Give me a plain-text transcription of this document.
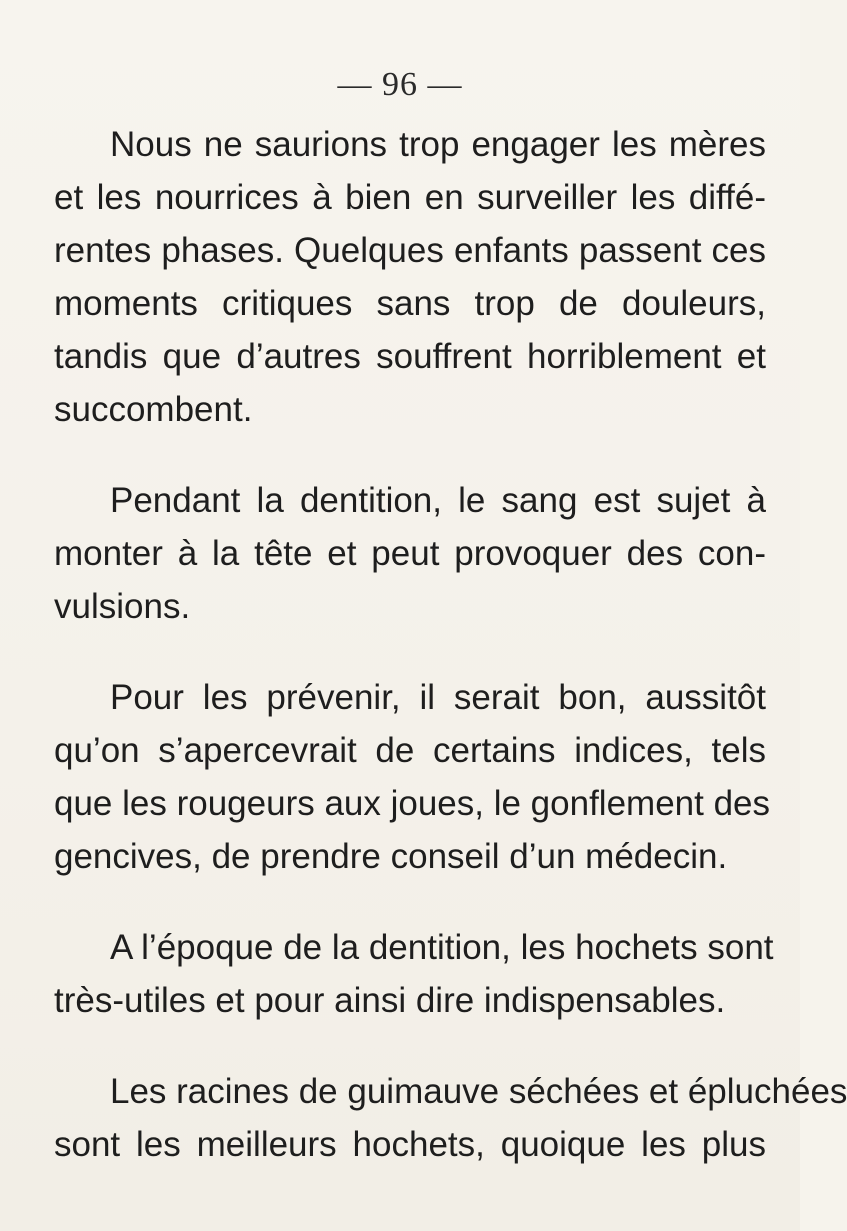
— 96 —
Nous ne saurions trop engager les mères
et les nourrices à bien en surveiller les diffé-
rentes phases. Quelques enfants passent ces
moments critiques sans trop de douleurs,
tandis que d’autres souffrent horriblement et
succombent.
Pendant la dentition, le sang est sujet à
monter à la tête et peut provoquer des con-
vulsions.
Pour les prévenir, il serait bon, aussitôt
qu’on s’apercevrait de certains indices, tels
que les rougeurs aux joues, le gonflement des
gencives, de prendre conseil d’un médecin.
A l’époque de la dentition, les hochets sont
très-utiles et pour ainsi dire indispensables.
Les racines de guimauve séchées et épluchées
sont les meilleurs hochets, quoique les plus
